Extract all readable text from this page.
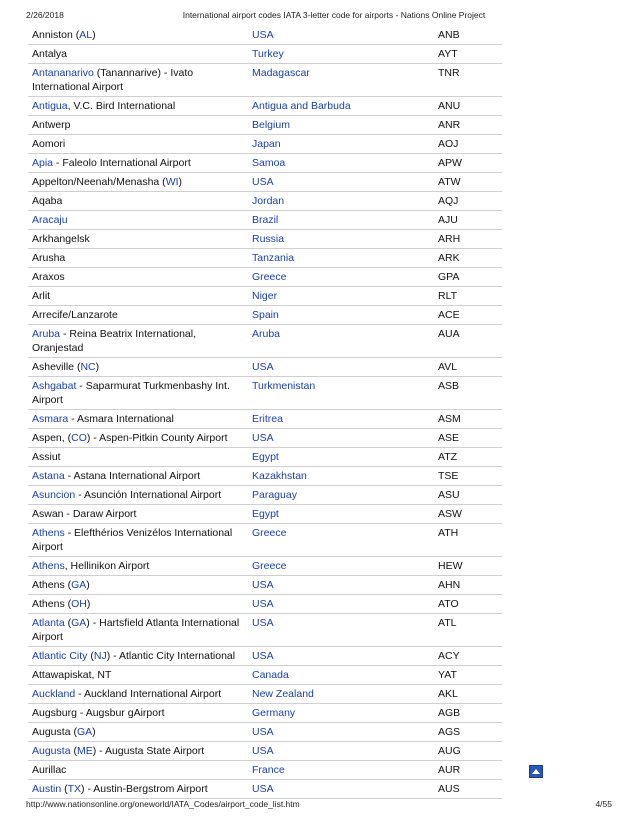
2/26/2018	International airport codes IATA 3-letter code for airports - Nations Online Project
Anniston (AL)	USA	ANB
Antalya	Turkey	AYT
Antananarivo (Tanannarive) - Ivato International Airport	Madagascar	TNR
Antigua, V.C. Bird International	Antigua and Barbuda	ANU
Antwerp	Belgium	ANR
Aomori	Japan	AOJ
Apia - Faleolo International Airport	Samoa	APW
Appelton/Neenah/Menasha (WI)	USA	ATW
Aqaba	Jordan	AQJ
Aracaju	Brazil	AJU
Arkhangelsk	Russia	ARH
Arusha	Tanzania	ARK
Araxos	Greece	GPA
Arlit	Niger	RLT
Arrecife/Lanzarote	Spain	ACE
Aruba - Reina Beatrix International, Oranjestad	Aruba	AUA
Asheville (NC)	USA	AVL
Ashgabat - Saparmurat Turkmenbashy Int. Airport	Turkmenistan	ASB
Asmara - Asmara International	Eritrea	ASM
Aspen, (CO) - Aspen-Pitkin County Airport	USA	ASE
Assiut	Egypt	ATZ
Astana - Astana International Airport	Kazakhstan	TSE
Asuncion - Asunción International Airport	Paraguay	ASU
Aswan - Daraw Airport	Egypt	ASW
Athens - Elefthérios Venizélos International Airport	Greece	ATH
Athens, Hellinikon Airport	Greece	HEW
Athens (GA)	USA	AHN
Athens (OH)	USA	ATO
Atlanta (GA) - Hartsfield Atlanta International Airport	USA	ATL
Atlantic City (NJ) - Atlantic City International	USA	ACY
Attawapiskat, NT	Canada	YAT
Auckland - Auckland International Airport	New Zealand	AKL
Augsburg - Augsbur gAirport	Germany	AGB
Augusta (GA)	USA	AGS
Augusta (ME) - Augusta State Airport	USA	AUG
Aurillac	France	AUR
Austin (TX) - Austin-Bergstrom Airport	USA	AUS
http://www.nationsonline.org/oneworld/IATA_Codes/airport_code_list.htm	4/55
